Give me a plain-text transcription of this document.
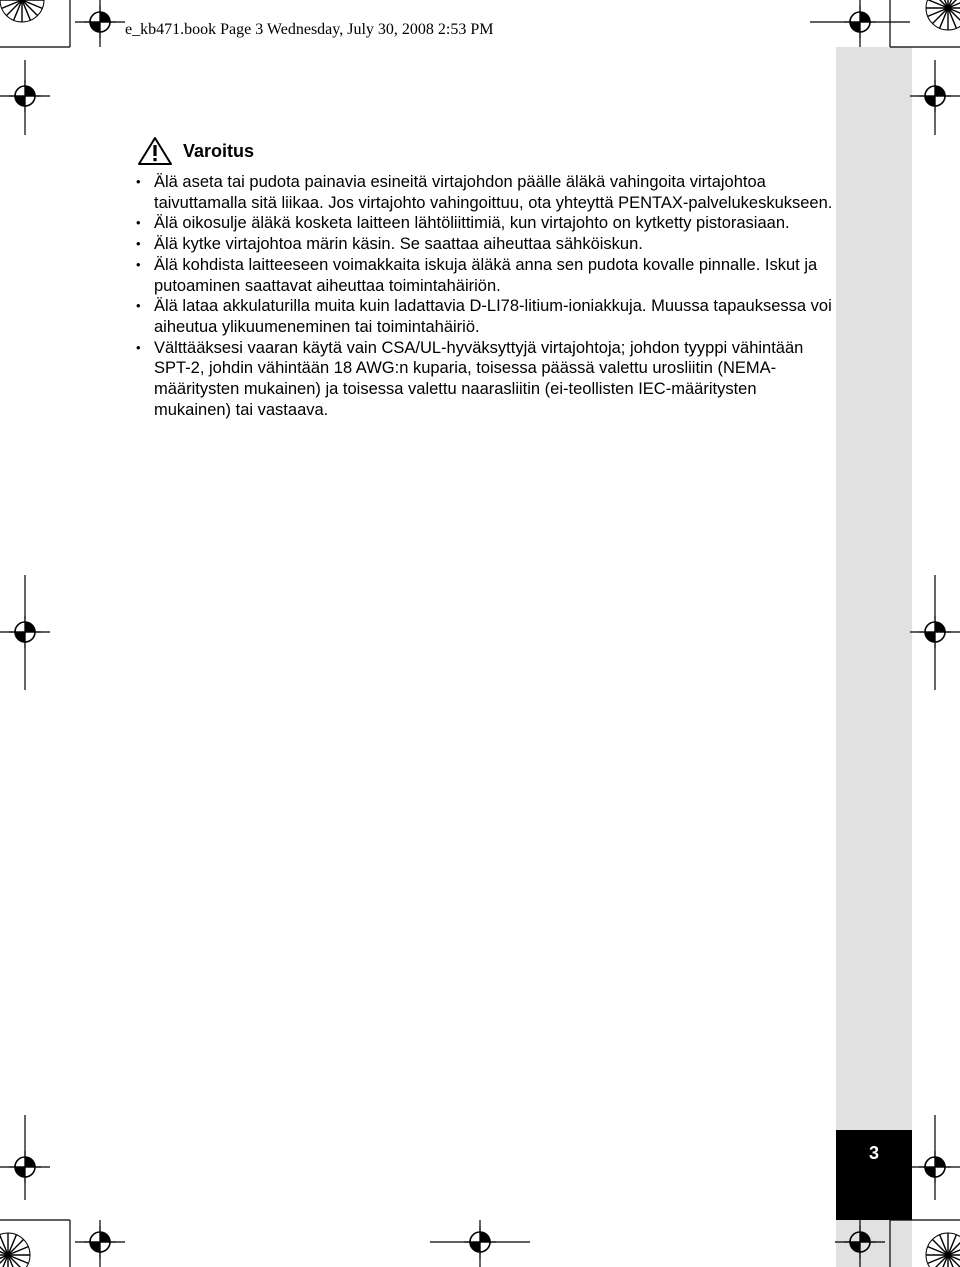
3
e_kb471.book Page 3 Wednesday, July 30, 2008 2:53 PM
Varoitus
• Älä aseta tai pudota painavia esineitä virtajohdon päälle äläkä vahingoita virtajohtoa taivuttamalla sitä liikaa. Jos virtajohto vahingoittuu, ota yhteyttä PENTAX-palvelukeskukseen.
• Älä oikosulje äläkä kosketa laitteen lähtöliittimiä, kun virtajohto on kytketty pistorasiaan.
• Älä kytke virtajohtoa märin käsin. Se saattaa aiheuttaa sähköiskun.
• Älä kohdista laitteeseen voimakkaita iskuja äläkä anna sen pudota kovalle pinnalle. Iskut ja putoaminen saattavat aiheuttaa toimintahäiriön.
• Älä lataa akkulaturilla muita kuin ladattavia D-LI78-litium-ioniakkuja. Muussa tapauksessa voi aiheutua ylikuumeneminen tai toimintahäiriö.
• Välttääksesi vaaran käytä vain CSA/UL-hyväksyttyjä virtajohtoja; johdon tyyppi vähintään SPT-2, johdin vähintään 18 AWG:n kuparia, toisessa päässä valettu urosliitin (NEMA-määritysten mukainen) ja toisessa valettu naarasliitin (ei-teollisten IEC-määritysten mukainen) tai vastaava.
